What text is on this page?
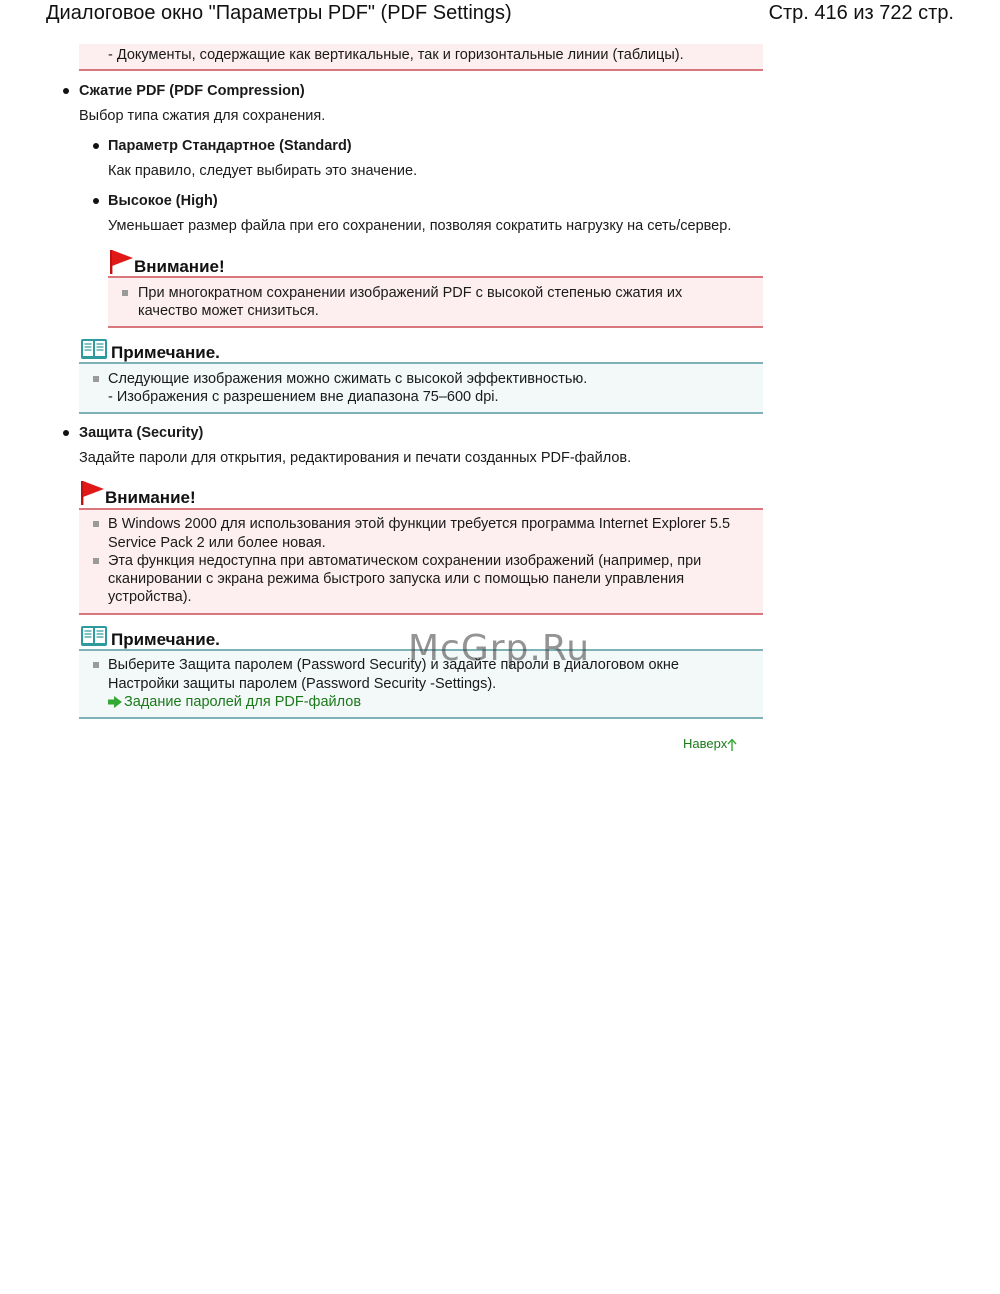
Диалоговое окно "Параметры PDF" (PDF Settings)	Стр. 416 из 722 стр.
- Документы, содержащие как вертикальные, так и горизонтальные линии (таблицы).
Сжатие PDF (PDF Compression)
Выбор типа сжатия для сохранения.
Параметр Стандартное (Standard)
Как правило, следует выбирать это значение.
Высокое (High)
Уменьшает размер файла при его сохранении, позволяя сократить нагрузку на сеть/сервер.
Внимание!
При многократном сохранении изображений PDF с высокой степенью сжатия их
качество может снизиться.
Примечание.
Следующие изображения можно сжимать с высокой эффективностью.
- Изображения с разрешением вне диапазона 75–600 dpi.
Защита (Security)
Задайте пароли для открытия, редактирования и печати созданных PDF-файлов.
Внимание!
В Windows 2000 для использования этой функции требуется программа Internet Explorer 5.5
Service Pack 2 или более новая.
Эта функция недоступна при автоматическом сохранении изображений (например, при
сканировании с экрана режима быстрого запуска или с помощью панели управления
устройства).
Примечание.
Выберите Защита паролем (Password Security) и задайте пароли в диалоговом окне
Настройки защиты паролем (Password Security -Settings).
Задание паролей для PDF-файлов
Наверх
McGrp.Ru
